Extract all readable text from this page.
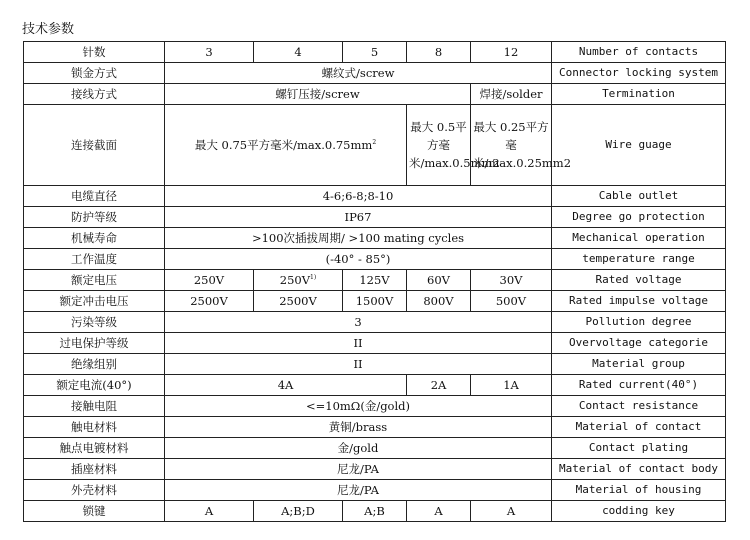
技术参数
针数	3	4	5	8	12	Number of contacts
锁金方式	螺纹式/screw					Connector locking system
接线方式	螺钉压接/screw				焊接/solder	Termination
连接截面	最大 0.75平方毫米/max.0.75mm$^2$			最大 0.5平方毫米/max.0.5mm2	最大 0.25平方毫米/max.0.25mm2	Wire guage
电缆直径	4-6;6-8;8-10					Cable outlet
防护等级	IP67					Degree go protection
机械寿命	>100次插拔周期/ >100 mating cycles					Mechanical operation
工作温度	(-40° - 85°)					temperature range
额定电压	250V	250V$^{1)}$	125V	60V	30V	Rated voltage
额定冲击电压	2500V	2500V	1500V	800V	500V	Rated impulse voltage
污染等级	3					Pollution degree
过电保护等级	II					Overvoltage categorie
绝缘组别	II					Material group
额定电流(40°)	4A			2A	1A	Rated current(40°)
接触电阻	<=10mΩ(金/gold)					Contact resistance
触电材料	黄铜/brass					Material of contact
触点电镀材料	金/gold					Contact plating
插座材料	尼龙/PA					Material of contact body
外壳材料	尼龙/PA					Material of housing
锁键	A	A;B;D	A;B	A	A	codding key
